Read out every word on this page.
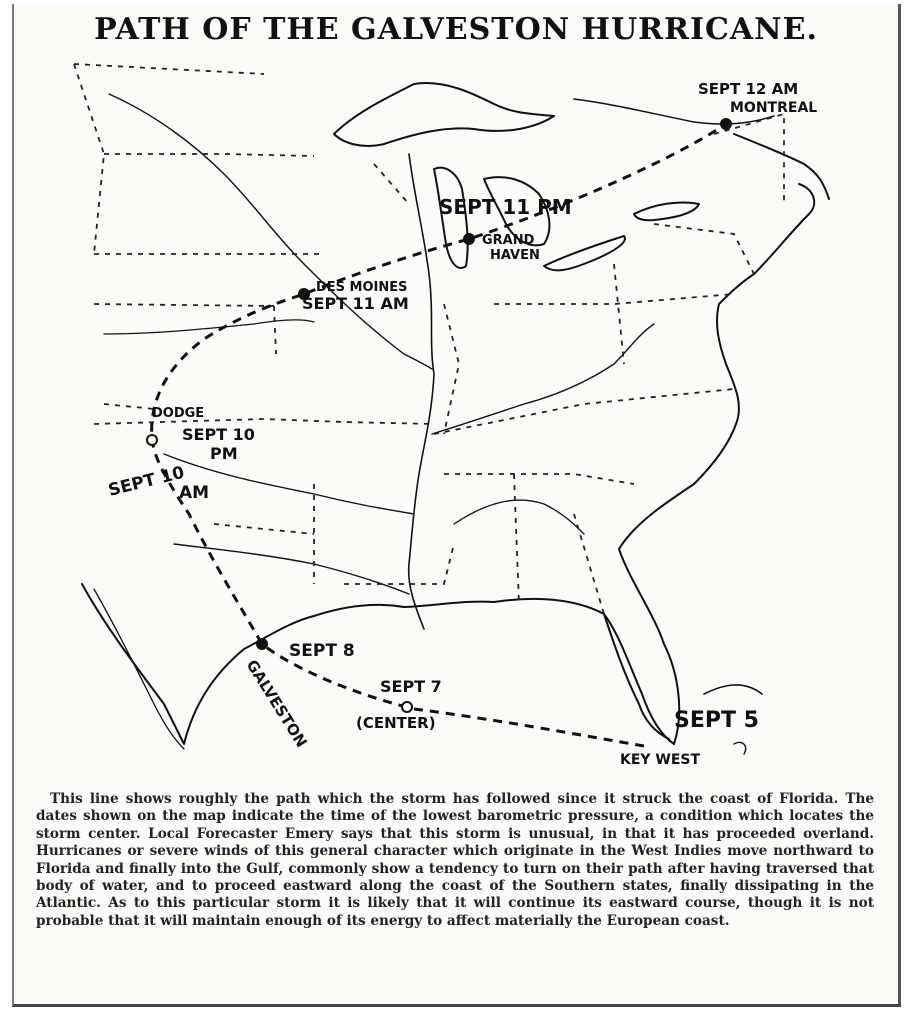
PATH OF THE GALVESTON HURRICANE.
SEPT 12 AM
MONTREAL
SEPT 11 PM
GRAND
HAVEN
DES MOINES
SEPT 11 AM
DODGE
SEPT 10
PM
SEPT 10
AM
SEPT 8
GALVESTON	SEPT 7
(CENTER)	SEPT 5
KEY WEST
This line shows roughly the path which the storm has followed since it struck the coast of Florida. The dates shown on the map indicate the time of the lowest barometric pressure, a condition which locates the storm center. Local Forecaster Emery says that this storm is unusual, in that it has proceeded overland. Hurricanes or severe winds of this general character which originate in the West Indies move northward to Florida and finally into the Gulf, commonly show a tendency to turn on their path after having traversed that body of water, and to proceed eastward along the coast of the Southern states, finally dissipating in the Atlantic. As to this particular storm it is likely that it will continue its eastward course, though it is not probable that it will maintain enough of its energy to affect materially the European coast.
